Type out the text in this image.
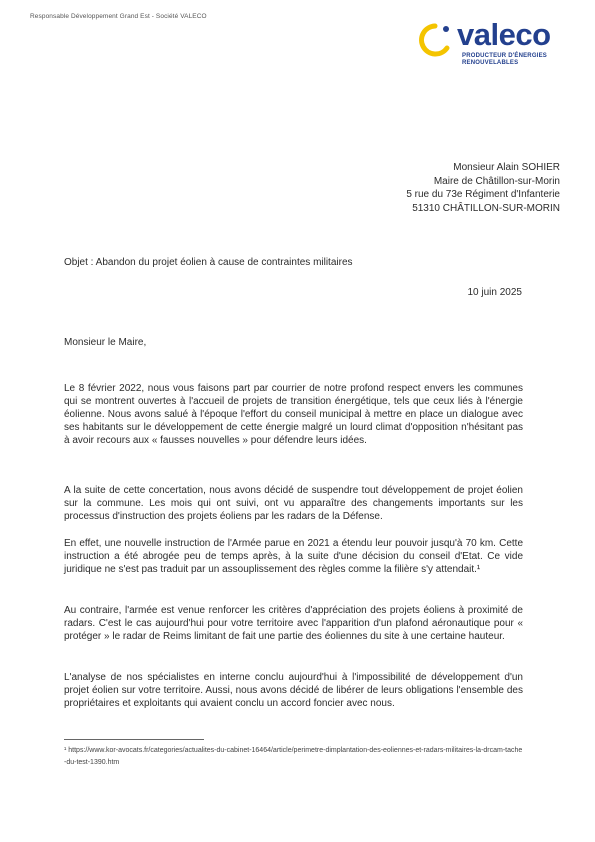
Responsable Développement Grand Est - Société VALECO
valeco
PRODUCTEUR D'ÉNERGIES
RENOUVELABLES
Monsieur Alain SOHIER
Maire de Châtillon-sur-Morin
5 rue du 73e Régiment d'Infanterie
51310 CHÂTILLON-SUR-MORIN
Objet : Abandon du projet éolien à cause de contraintes militaires
10 juin 2025
Monsieur le Maire,
Le 8 février 2022, nous vous faisons part par courrier de notre profond respect envers les communes qui se montrent ouvertes à l'accueil de projets de transition énergétique, tels que ceux liés à l'énergie éolienne. Nous avons salué à l'époque l'effort du conseil municipal à mettre en place un dialogue avec ses habitants sur le développement de cette énergie malgré un lourd climat d'opposition n'hésitant pas à avoir recours aux « fausses nouvelles » pour défendre leurs idées.
A la suite de cette concertation, nous avons décidé de suspendre tout développement de projet éolien sur la commune. Les mois qui ont suivi, ont vu apparaître des changements importants sur les processus d'instruction des projets éoliens par les radars de la Défense.
En effet, une nouvelle instruction de l'Armée parue en 2021 a étendu leur pouvoir jusqu'à 70 km. Cette instruction a été abrogée peu de temps après, à la suite d'une décision du conseil d'Etat. Ce vide juridique ne s'est pas traduit par un assouplissement des règles comme la filière s'y attendait.¹
Au contraire, l'armée est venue renforcer les critères d'appréciation des projets éoliens à proximité de radars. C'est le cas aujourd'hui pour votre territoire avec l'apparition d'un plafond aéronautique pour « protéger » le radar de Reims limitant de fait une partie des éoliennes du site à une certaine hauteur.
L'analyse de nos spécialistes en interne conclu aujourd'hui à l'impossibilité de développement d'un projet éolien sur votre territoire. Aussi, nous avons décidé de libérer de leurs obligations l'ensemble des propriétaires et exploitants qui avaient conclu un accord foncier avec nous.
¹ https://www.kor-avocats.fr/categories/actualites-du-cabinet-16464/article/perimetre-dimplantation-des-eoliennes-et-radars-militaires-la-drcam-tache-du-test-1390.htm
